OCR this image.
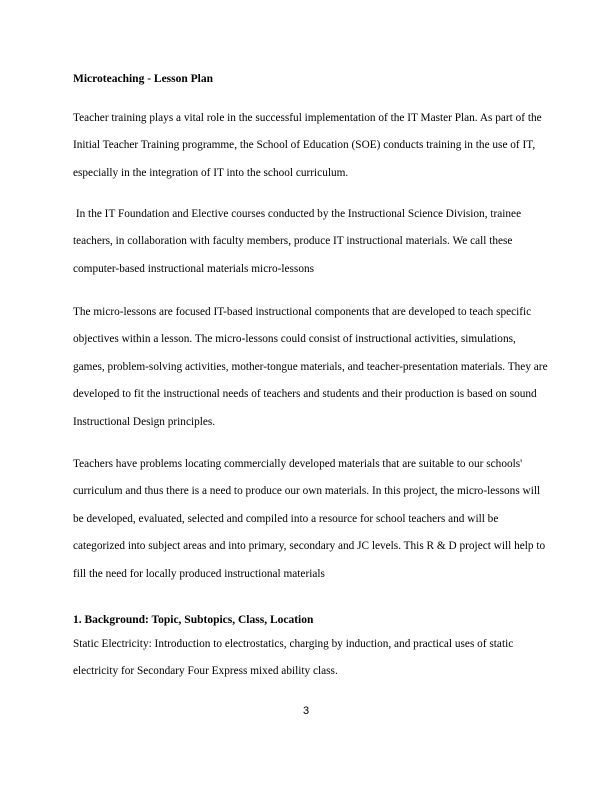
Microteaching - Lesson Plan

Teacher training plays a vital role in the successful implementation of the IT Master Plan. As part of the Initial Teacher Training programme, the School of Education (SOE) conducts training in the use of IT, especially in the integration of IT into the school curriculum.

In the IT Foundation and Elective courses conducted by the Instructional Science Division, trainee teachers, in collaboration with faculty members, produce IT instructional materials. We call these computer-based instructional materials micro-lessons

The micro-lessons are focused IT-based instructional components that are developed to teach specific objectives within a lesson. The micro-lessons could consist of instructional activities, simulations, games, problem-solving activities, mother-tongue materials, and teacher-presentation materials. They are developed to fit the instructional needs of teachers and students and their production is based on sound Instructional Design principles.

Teachers have problems locating commercially developed materials that are suitable to our schools' curriculum and thus there is a need to produce our own materials. In this project, the micro-lessons will be developed, evaluated, selected and compiled into a resource for school teachers and will be categorized into subject areas and into primary, secondary and JC levels. This R & D project will help to fill the need for locally produced instructional materials

1. Background: Topic, Subtopics, Class, Location

Static Electricity: Introduction to electrostatics, charging by induction, and practical uses of static electricity for Secondary Four Express mixed ability class.

3
